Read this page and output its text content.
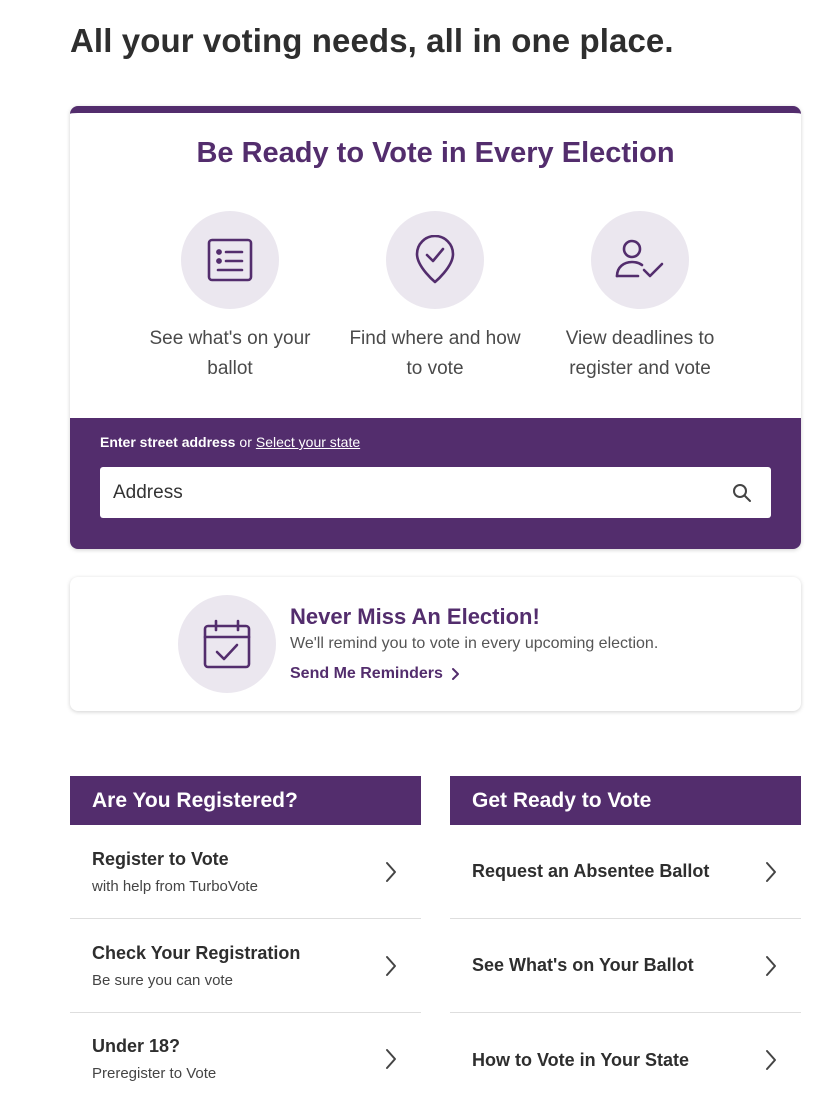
All your voting needs, all in one place.
Be Ready to Vote in Every Election
See what's on your
ballot
Find where and how
to vote
View deadlines to
register and vote
Enter street address or Select your state
Address
Never Miss An Election!

We'll remind you to vote in every upcoming election.

Send Me Reminders
Are You Registered?
Register to Vote
with help from TurboVote
Check Your Registration
Be sure you can vote
Under 18?
Preregister to Vote
Get Ready to Vote
Request an Absentee Ballot
See What's on Your Ballot
How to Vote in Your State
